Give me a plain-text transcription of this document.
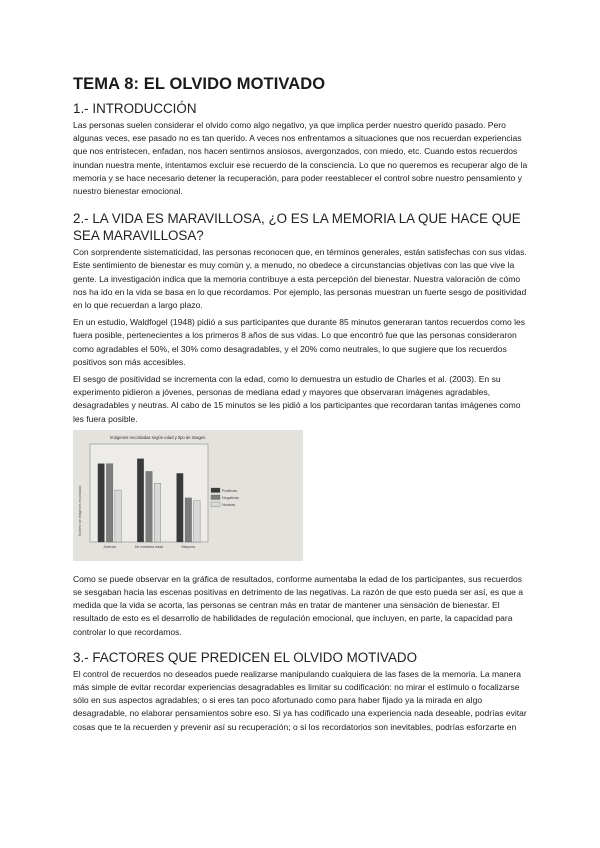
TEMA 8: EL OLVIDO MOTIVADO
1.- INTRODUCCIÓN

Las personas suelen considerar el olvido como algo negativo, ya que implica perder nuestro querido pasado. Pero algunas veces, ese pasado no es tan querido. A veces nos enfrentamos a situaciones que nos recuerdan experiencias que nos entristecen, enfadan, nos hacen sentirnos ansiosos, avergonzados, con miedo, etc. Cuando estos recuerdos inundan nuestra mente, intentamos excluir ese recuerdo de la consciencia. Lo que no queremos es recuperar algo de la memoria y se hace necesario detener la recuperación, para poder reestablecer el control sobre nuestro pensamiento y nuestro bienestar emocional.

2.- LA VIDA ES MARAVILLOSA, ¿O ES LA MEMORIA LA QUE HACE QUE SEA MARAVILLOSA?

Con sorprendente sistematicidad, las personas reconocen que, en términos generales, están satisfechas con sus vidas. Este sentimiento de bienestar es muy común y, a menudo, no obedece a circunstancias objetivas con las que vive la gente. La investigación indica que la memoria contribuye a esta percepción del bienestar. Nuestra valoración de cómo nos ha ido en la vida se basa en lo que recordamos. Por ejemplo, las personas muestran un fuerte sesgo de positividad en lo que recuerdan a largo plazo.

En un estudio, Waldfogel (1948) pidió a sus participantes que durante 85 minutos generaran tantos recuerdos como les fuera posible, pertenecientes a los primeros 8 años de sus vidas. Lo que encontró fue que las personas consideraron como agradables el 50%, el 30% como desagradables, y el 20% como neutrales, lo que sugiere que los recuerdos positivos son más accesibles.

El sesgo de positividad se incrementa con la edad, como lo demuestra un estudio de Charles et al. (2003). En su experimento pidieron a jóvenes, personas de mediana edad y mayores que observaran imágenes agradables, desagradables y neutras. Al cabo de 15 minutos se les pidió a los participantes que recordaran tantas imágenes como les fuera posible.

Imágenes recordadas según edad y tipo de imagen
Número de imágenes recordadas
Jóvenes	De mediana edad	Mayores
Positivas
Negativas
Neutras

Como se puede observar en la gráfica de resultados, conforme aumentaba la edad de los participantes, sus recuerdos se sesgaban hacia las escenas positivas en detrimento de las negativas. La razón de que esto pueda ser así, es que a medida que la vida se acorta, las personas se centran más en tratar de mantener una sensación de bienestar. El resultado de esto es el desarrollo de habilidades de regulación emocional, que incluyen, en parte, la capacidad para controlar lo que recordamos.

3.- FACTORES QUE PREDICEN EL OLVIDO MOTIVADO

El control de recuerdos no deseados puede realizarse manipulando cualquiera de las fases de la memoria. La manera más simple de evitar recordar experiencias desagradables es limitar su codificación: no mirar el estímulo o focalizarse sólo en sus aspectos agradables; o si eres tan poco afortunado como para haber fijado ya la mirada en algo desagradable, no elaborar pensamientos sobre eso. Si ya has codificado una experiencia nada deseable, podrías evitar cosas que te la recuerden y prevenir así su recuperación; o si los recordatorios son inevitables, podrías esforzarte en
